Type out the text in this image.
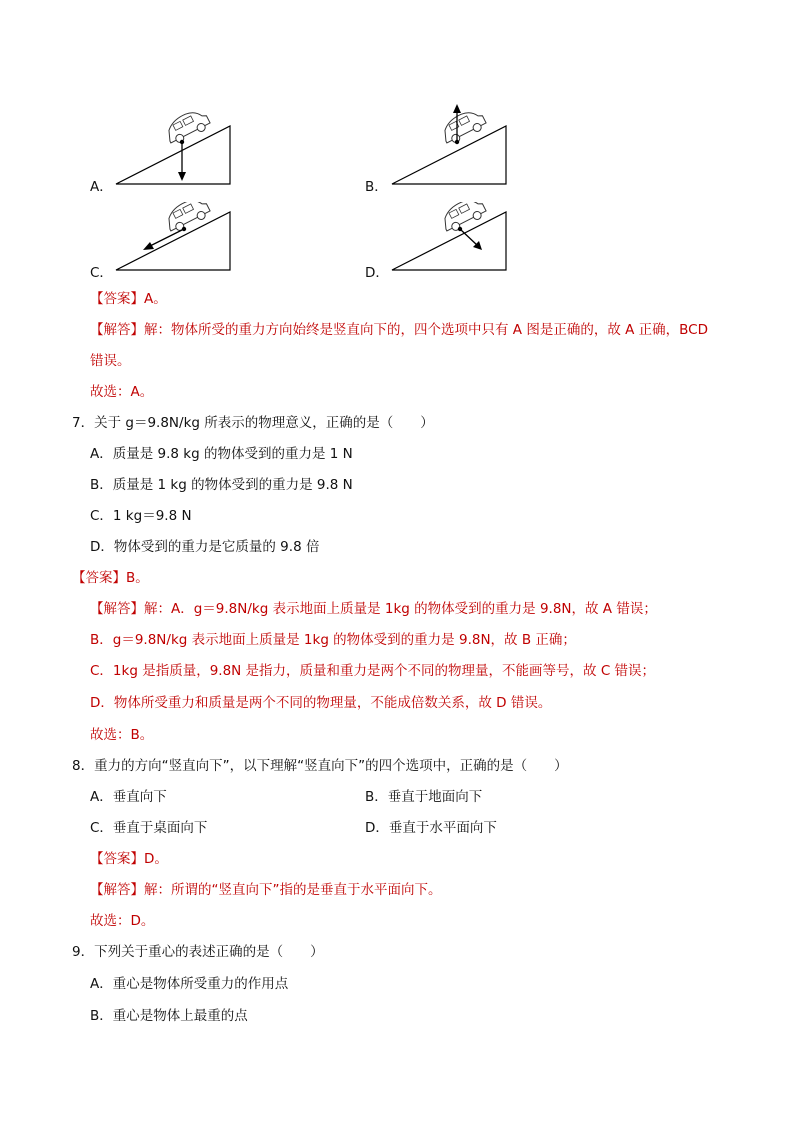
A．	B．
C．	D．
【答案】A。
【解答】解：物体所受的重力方向始终是竖直向下的，四个选项中只有 A 图是正确的，故 A 正确，BCD
错误。
故选：A。
7．关于 g＝9.8N/kg 所表示的物理意义，正确的是（　　）
A．质量是 9.8 kg 的物体受到的重力是 1 N
B．质量是 1 kg 的物体受到的重力是 9.8 N
C．1 kg＝9.8 N
D．物体受到的重力是它质量的 9.8 倍
【答案】B。
【解答】解：A．g＝9.8N/kg 表示地面上质量是 1kg 的物体受到的重力是 9.8N，故 A 错误；
B．g＝9.8N/kg 表示地面上质量是 1kg 的物体受到的重力是 9.8N，故 B 正确；
C．1kg 是指质量，9.8N 是指力，质量和重力是两个不同的物理量，不能画等号，故 C 错误；
D．物体所受重力和质量是两个不同的物理量，不能成倍数关系，故 D 错误。
故选：B。
8．重力的方向“竖直向下”，以下理解“竖直向下”的四个选项中，正确的是（　　）
A．垂直向下	B．垂直于地面向下
C．垂直于桌面向下	D．垂直于水平面向下
【答案】D。
【解答】解：所谓的“竖直向下”指的是垂直于水平面向下。
故选：D。
9．下列关于重心的表述正确的是（　　）
A．重心是物体所受重力的作用点
B．重心是物体上最重的点
